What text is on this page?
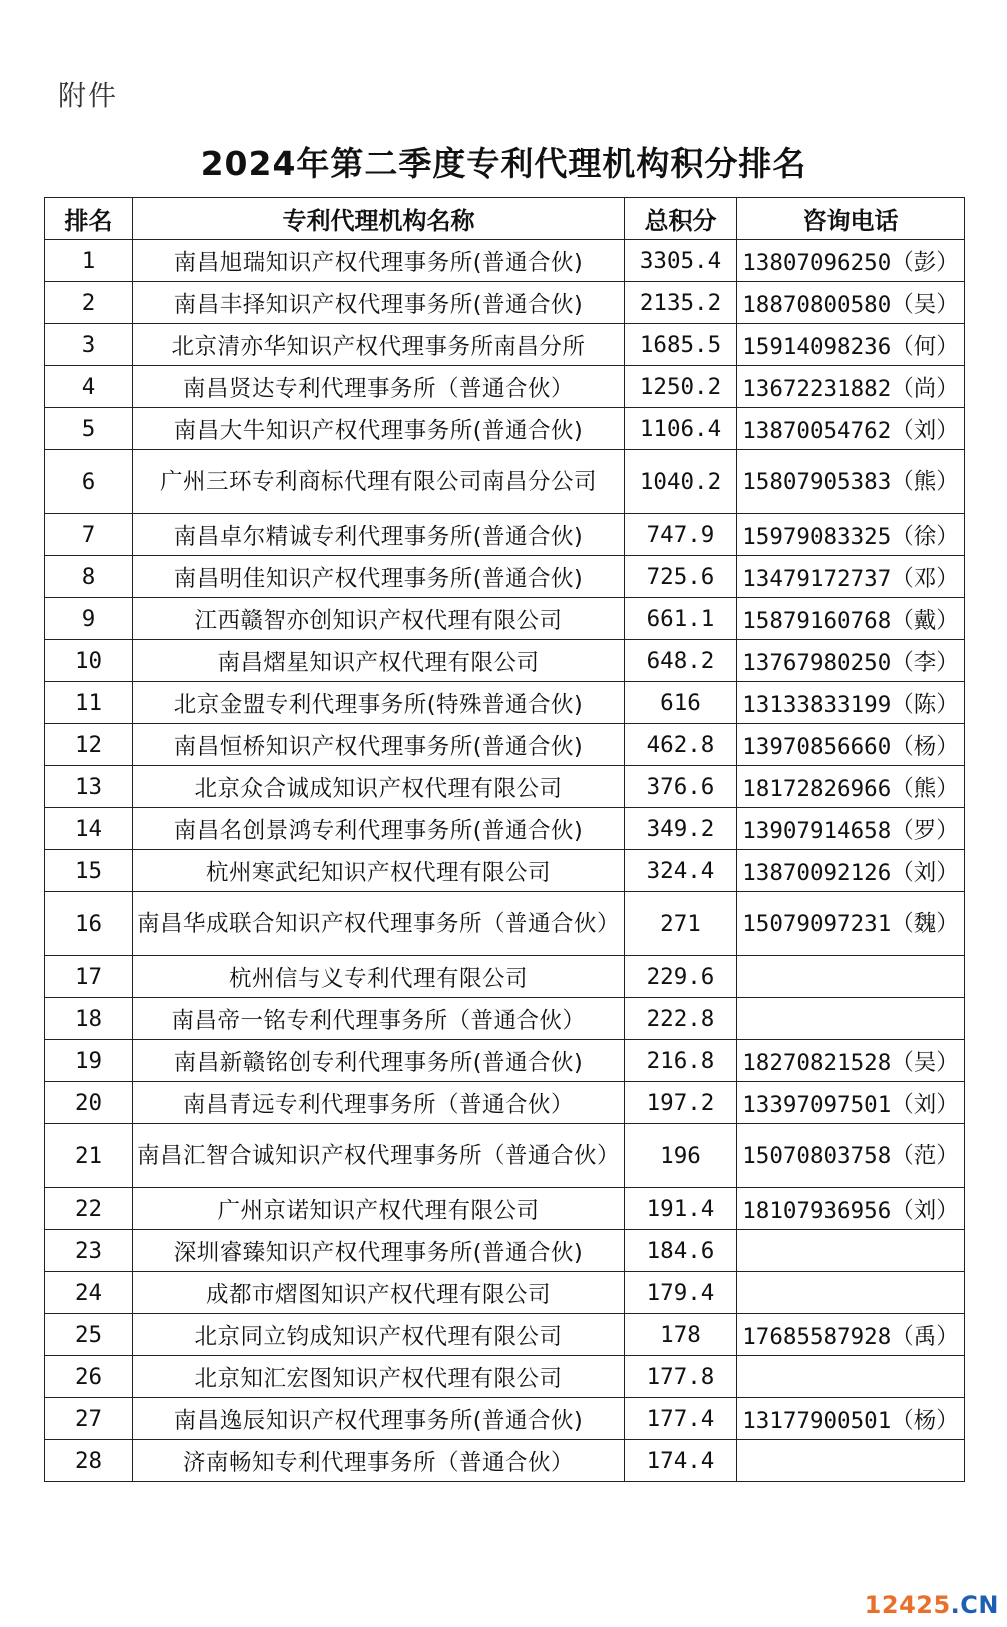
附件
2024年第二季度专利代理机构积分排名
排名	专利代理机构名称	总积分	咨询电话
1	南昌旭瑞知识产权代理事务所(普通合伙)	3305.4	13807096250（彭）
2	南昌丰择知识产权代理事务所(普通合伙)	2135.2	18870800580（吴）
3	北京清亦华知识产权代理事务所南昌分所	1685.5	15914098236（何）
4	南昌贤达专利代理事务所（普通合伙）	1250.2	13672231882（尚）
5	南昌大牛知识产权代理事务所(普通合伙)	1106.4	13870054762（刘）
6	广州三环专利商标代理有限公司南昌分公司	1040.2	15807905383（熊）
7	南昌卓尔精诚专利代理事务所(普通合伙)	747.9	15979083325（徐）
8	南昌明佳知识产权代理事务所(普通合伙)	725.6	13479172737（邓）
9	江西赣智亦创知识产权代理有限公司	661.1	15879160768（戴）
10	南昌熠星知识产权代理有限公司	648.2	13767980250（李）
11	北京金盟专利代理事务所(特殊普通合伙)	616	13133833199（陈）
12	南昌恒桥知识产权代理事务所(普通合伙)	462.8	13970856660（杨）
13	北京众合诚成知识产权代理有限公司	376.6	18172826966（熊）
14	南昌名创景鸿专利代理事务所(普通合伙)	349.2	13907914658（罗）
15	杭州寒武纪知识产权代理有限公司	324.4	13870092126（刘）
16	南昌华成联合知识产权代理事务所（普通合伙）	271	15079097231（魏）
17	杭州信与义专利代理有限公司	229.6	
18	南昌帝一铭专利代理事务所（普通合伙）	222.8	
19	南昌新赣铭创专利代理事务所(普通合伙)	216.8	18270821528（吴）
20	南昌青远专利代理事务所（普通合伙）	197.2	13397097501（刘）
21	南昌汇智合诚知识产权代理事务所（普通合伙）	196	15070803758（范）
22	广州京诺知识产权代理有限公司	191.4	18107936956（刘）
23	深圳睿臻知识产权代理事务所(普通合伙)	184.6	
24	成都市熠图知识产权代理有限公司	179.4	
25	北京同立钧成知识产权代理有限公司	178	17685587928（禹）
26	北京知汇宏图知识产权代理有限公司	177.8	
27	南昌逸辰知识产权代理事务所(普通合伙)	177.4	13177900501（杨）
28	济南畅知专利代理事务所（普通合伙）	174.4	
12425.CN
